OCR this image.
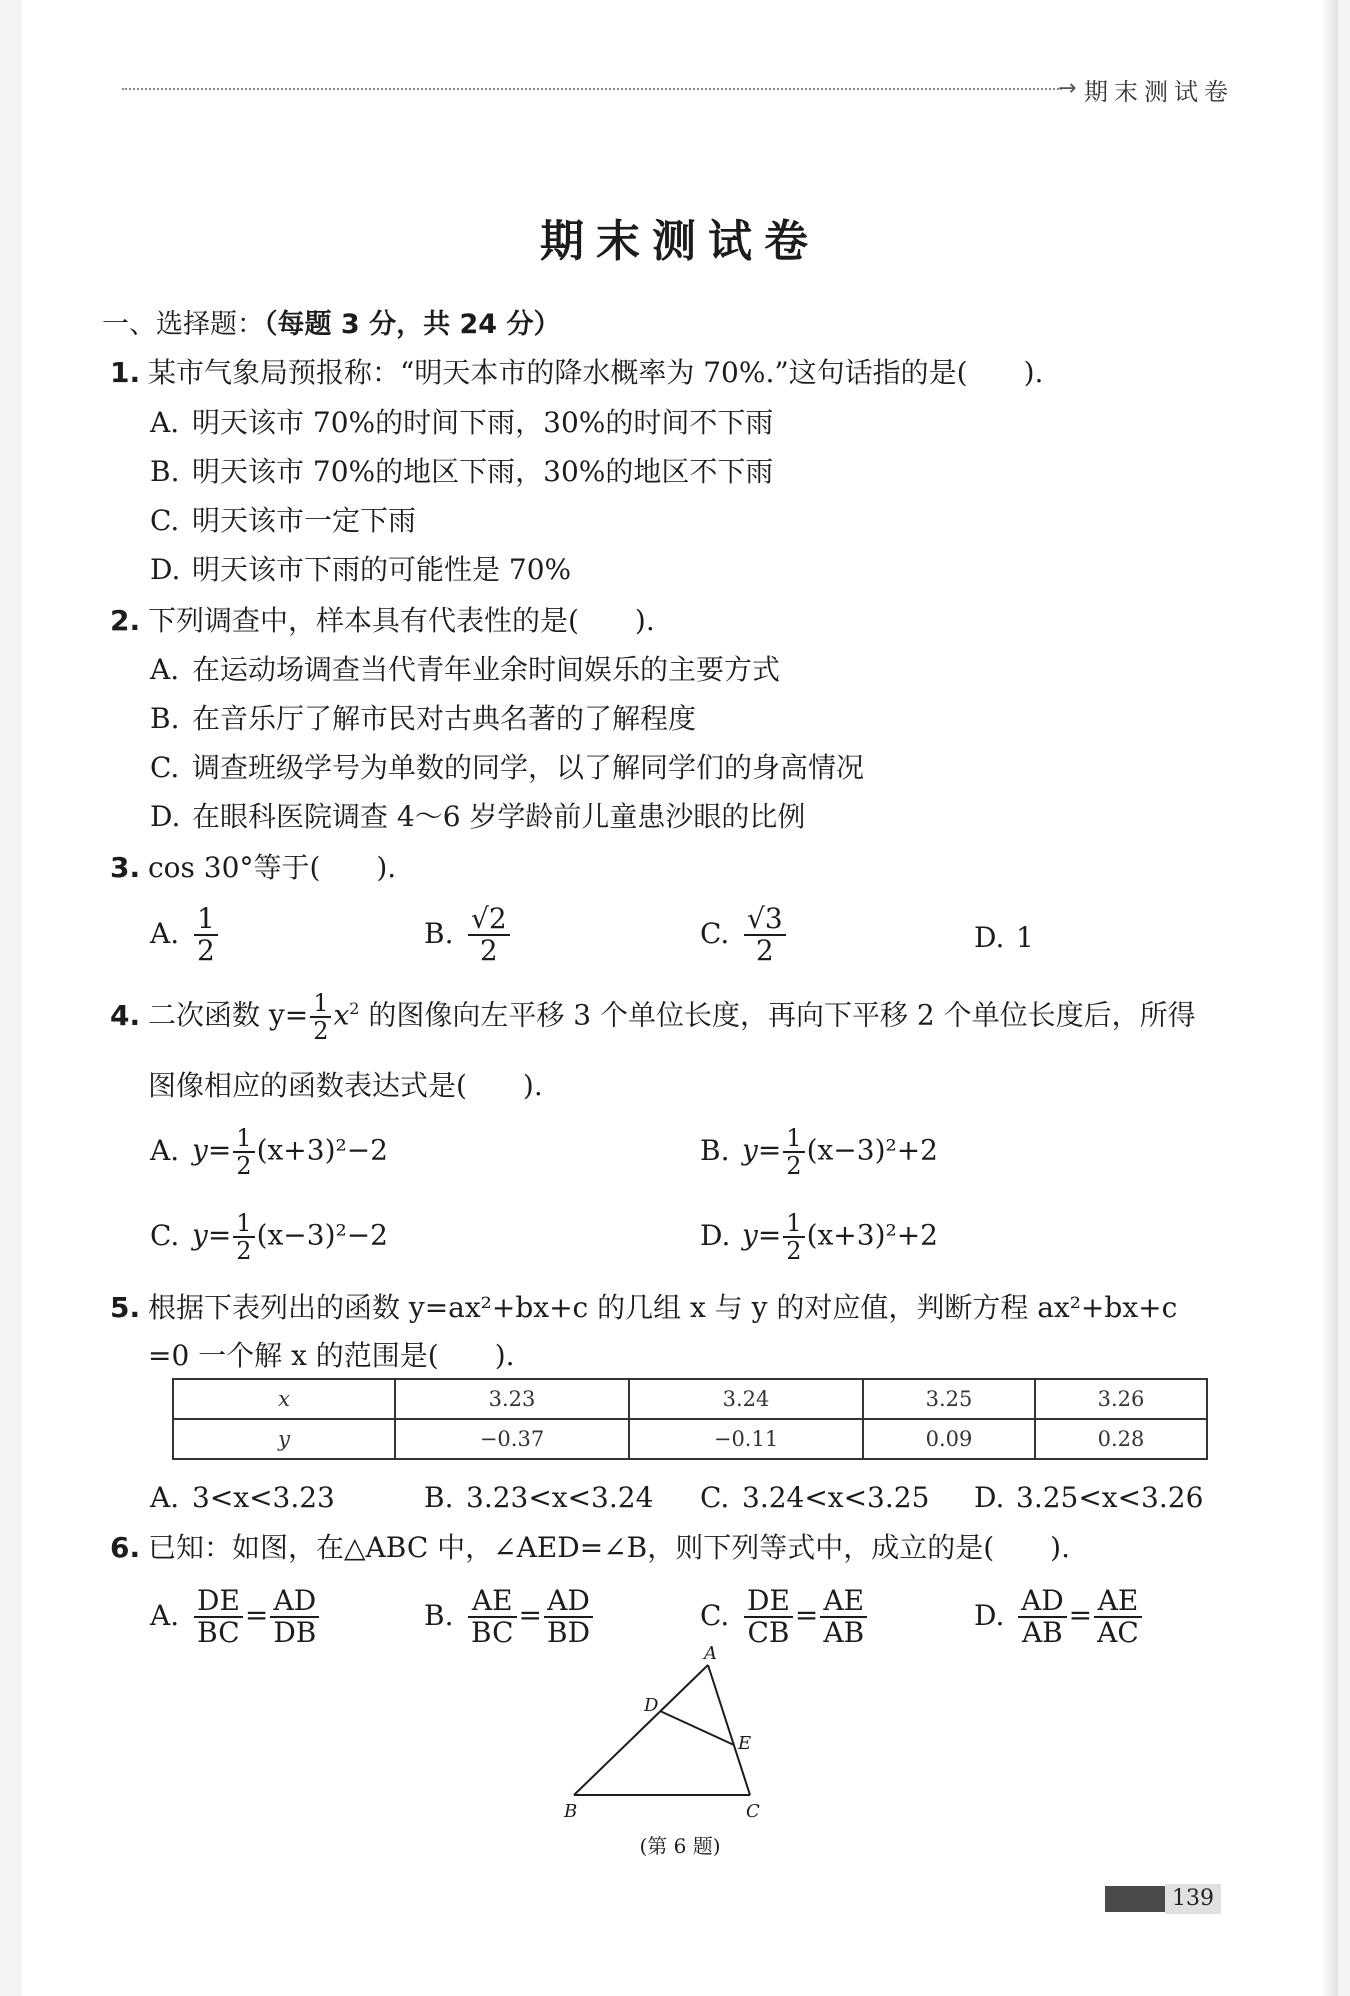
→ 期末测试卷
期末测试卷
一、选择题：（每题 3 分，共 24 分）
1. 某市气象局预报称：“明天本市的降水概率为 70%.”这句话指的是(　　).
A. 明天该市 70%的时间下雨，30%的时间不下雨
B. 明天该市 70%的地区下雨，30%的地区不下雨
C. 明天该市一定下雨
D. 明天该市下雨的可能性是 70%
2. 下列调查中，样本具有代表性的是(　　).
A. 在运动场调查当代青年业余时间娱乐的主要方式
B. 在音乐厅了解市民对古典名著的了解程度
C. 调查班级学号为单数的同学，以了解同学们的身高情况
D. 在眼科医院调查 4～6 岁学龄前儿童患沙眼的比例
3. cos 30°等于(　　).
A. $\frac{1}{2}$	B. $\frac{√2}{2}$	C. $\frac{√3}{2}$	D. 1
4. 二次函数 $y= \frac{1}{2} x^2$ 的图像向左平移 3 个单位长度，再向下平移 2 个单位长度后，所得
图像相应的函数表达式是(　　).
A. $y= \frac{1}{2} (x+3)^2-2$	B. $y= \frac{1}{2} (x-3)^2+2$
C. $y= \frac{1}{2} (x-3)^2-2$	D. $y= \frac{1}{2} (x+3)^2+2$
5. 根据下表列出的函数 y=ax²+bx+c 的几组 x 与 y 的对应值，判断方程 ax²+bx+c
=0 一个解 x 的范围是(　　).
x	3.23	3.24	3.25	3.26
y	−0.37	−0.11	0.09	0.28
A. 3<x<3.23	B. 3.23<x<3.24 C. 3.24<x<3.25 D. 3.25<x<3.26
6. 已知：如图，在△ABC 中，∠AED=∠B，则下列等式中，成立的是(　　).
A. $\frac{DE}{BC} = \frac{AD}{DB}$	B. $\frac{AE}{BC} = \frac{AD}{BD}$	C. $\frac{DE}{CB} = \frac{AE}{AB}$	D. $\frac{AD}{AB} = \frac{AE}{AC}$
A
B	C
D
E
(第 6 题)
139
